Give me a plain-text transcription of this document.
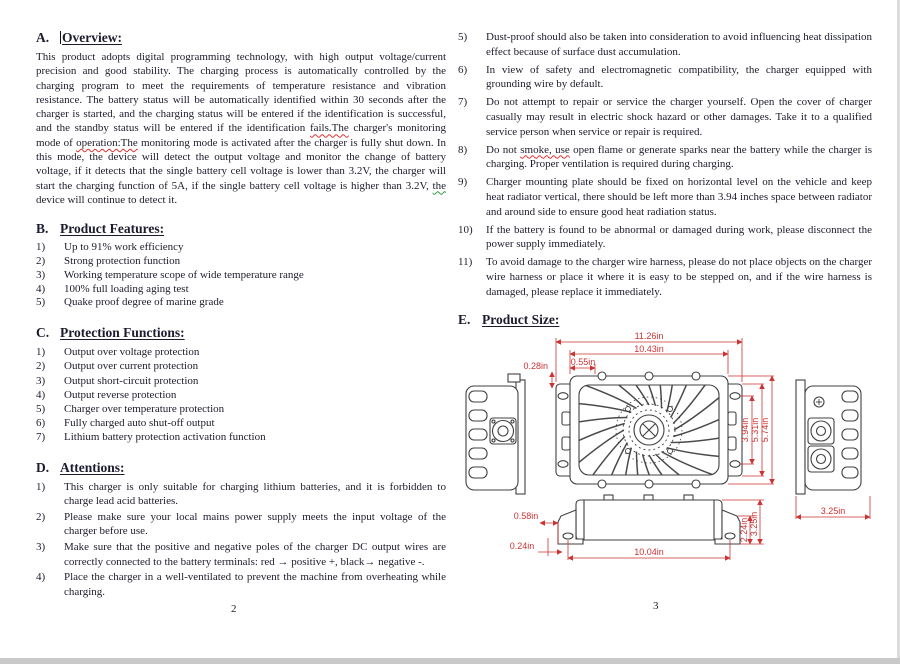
A. Overview:

This product adopts digital programming technology, with high output voltage/current precision and good stability. The charging process is automatically controlled by the charging program to meet the requirements of temperature resistance and vibration resistance. The battery status will be automatically identified within 30 seconds after the charger is started, and the charging status will be entered if the identification is successful, and the standby status will be entered if the identification fails.The charger's monitoring mode of operation:The monitoring mode is activated after the charger is fully shut down. In this mode, the device will detect the output voltage and monitor the change of battery voltage, if it detects that the single battery cell voltage is lower than 3.2V, the charger will start the charging function of 5A, if the single battery cell voltage is higher than 3.2V, the device will continue to detect it.

B. Product Features:
1)	Up to 91% work efficiency
2)	Strong protection function
3)	Working temperature scope of wide temperature range
4)	100% full loading aging test
5)	Quake proof degree of marine grade
C. Protection Functions:
1)	Output over voltage protection
2)	Output over current protection
3)	Output short-circuit protection
4)	Output reverse protection
5)	Charger over temperature protection
6)	Fully charged auto shut-off output
7)	Lithium battery protection activation function
D. Attentions:
1)	This charger is only suitable for charging lithium batteries, and it is forbidden to charge lead acid batteries.
2)	Please make sure your local mains power supply meets the input voltage of the charger before use.
3)	Make sure that the positive and negative poles of the charger DC output wires are correctly connected to the battery terminals: red → positive +, black→ negative -.
4)	Place the charger in a well-ventilated to prevent the machine from overheating while charging.
5)	Dust-proof should also be taken into consideration to avoid influencing heat dissipation effect because of surface dust accumulation.
6)	In view of safety and electromagnetic compatibility, the charger equipped with grounding wire by default.
7)	Do not attempt to repair or service the charger yourself. Open the cover of charger casually may result in electric shock hazard or other damages. Take it to a qualified service person when service or repair is required.
8)	Do not smoke, use open flame or generate sparks near the battery while the charger is charging. Proper ventilation is required during charging.
9)	Charger mounting plate should be fixed on horizontal level on the vehicle and keep heat radiator vertical, there should be left more than 3.94 inches space between radiator and around side to ensure good heat radiation status.
10)	If the battery is found to be abnormal or damaged during work, please disconnect the power supply immediately.
11)	To avoid damage to the charger wire harness, please do not place objects on the charger wire harness or place it where it is easy to be stepped on, and if the wire harness is damaged, please replace it immediately.
E. Product Size:
11.26in
10.43in
0.55in
0.28in
3.94in 5.31in 5.74in
3.25in
0.58in
0.24in
10.04in
2.24in 3.25in
2	3
